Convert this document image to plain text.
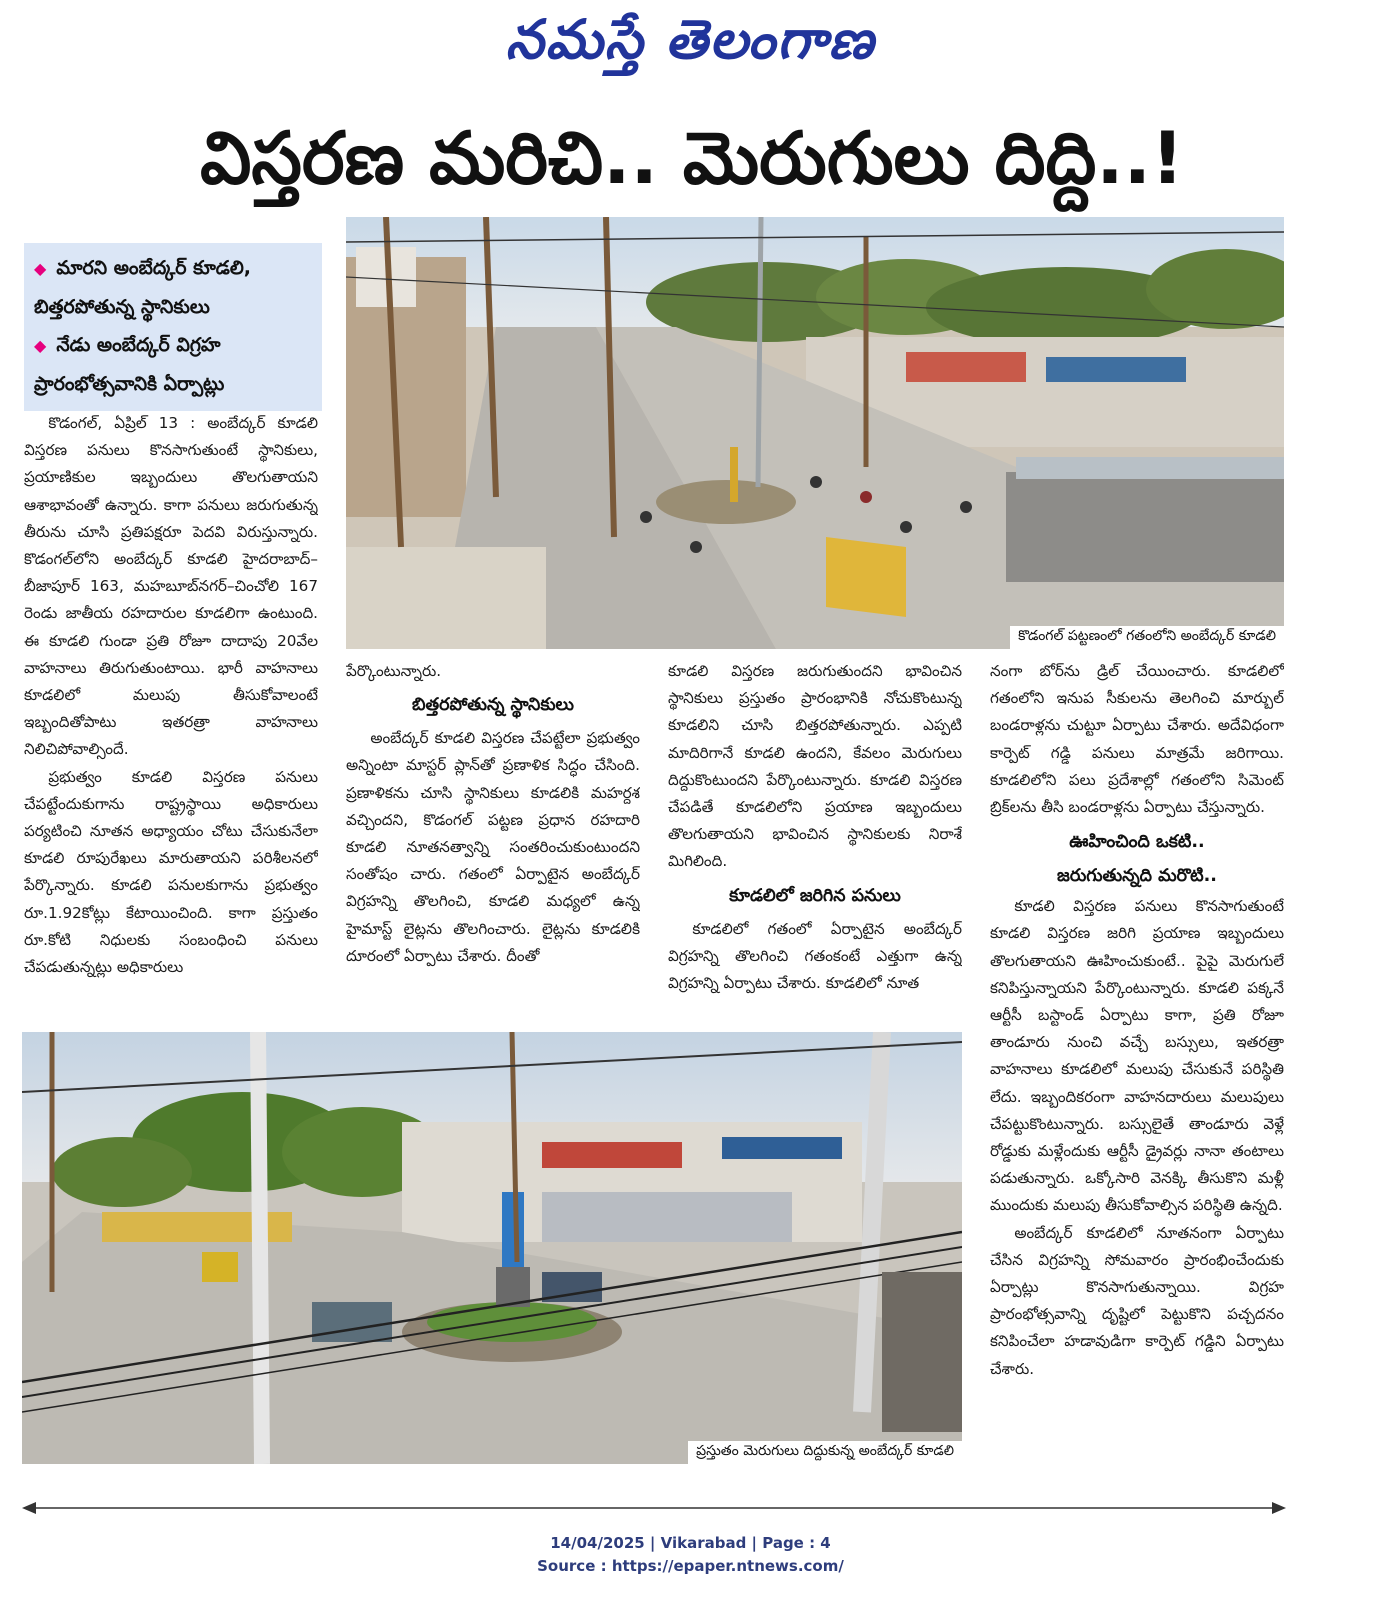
నమస్తే తెలంగాణ
విస్తరణ మరిచి.. మెరుగులు దిద్ది..!
◆ మారని అంబేద్కర్ కూడలి,
బిత్తరపోతున్న స్థానికులు
◆ నేడు అంబేద్కర్ విగ్రహ
ప్రారంభోత్సవానికి ఏర్పాట్లు
కొడంగల్ పట్టణంలో గతంలోని అంబేద్కర్ కూడలి

కొడంగల్, ఏప్రిల్ 13 : అంబేద్కర్ కూడలి విస్తరణ పనులు కొనసాగుతుంటే స్థానికులు, ప్రయాణికుల ఇబ్బందులు తొలగుతాయని ఆశాభావంతో ఉన్నారు. కాగా పనులు జరుగుతున్న తీరును చూసి ప్రతిపక్షరూ పెదవి విరుస్తున్నారు. కొడంగల్‌లోని అంబేద్కర్ కూడలి హైదరాబాద్–బీజాపూర్ 163, మహబూబ్‌నగర్–చించోలి 167 రెండు జాతీయ రహదారుల కూడలిగా ఉంటుంది. ఈ కూడలి గుండా ప్రతి రోజూ దాదాపు 20వేల వాహనాలు తిరుగుతుంటాయి. భారీ వాహనాలు కూడలిలో మలుపు తీసుకోవాలంటే ఇబ్బందితోపాటు ఇతరత్రా వాహనాలు నిలిచిపోవాల్సిందే.

ప్రభుత్వం కూడలి విస్తరణ పనులు చేపట్టేందుకుగాను రాష్ట్రస్థాయి అధికారులు పర్యటించి నూతన అధ్యాయం చోటు చేసుకునేలా కూడలి రూపురేఖలు మారుతాయని పరిశీలనలో పేర్కొన్నారు. కూడలి పనులకుగాను ప్రభుత్వం రూ.1.92కోట్లు కేటాయించింది. కాగా ప్రస్తుతం రూ.కోటి నిధులకు సంబంధించి పనులు చేపడుతున్నట్లు అధికారులు

పేర్కొంటున్నారు.

బిత్తరపోతున్న స్థానికులు

అంబేద్కర్ కూడలి విస్తరణ చేపట్టేలా ప్రభుత్వం అన్నింటా మాస్టర్ ప్లాన్‌తో ప్రణాళిక సిద్ధం చేసింది. ప్రణాళికను చూసి స్థానికులు కూడలికి మహర్దశ వచ్చిందని, కొడంగల్ పట్టణ ప్రధాన రహదారి కూడలి నూతనత్వాన్ని సంతరించుకుంటుందని సంతోషం చారు. గతంలో ఏర్పాటైన అంబేద్కర్ విగ్రహన్ని తొలగించి, కూడలి మధ్యలో ఉన్న హైమాస్ట్ లైట్లను తొలగించారు. లైట్లను కూడలికి దూరంలో ఏర్పాటు చేశారు. దీంతో

కూడలి విస్తరణ జరుగుతుందని భావించిన స్థానికులు ప్రస్తుతం ప్రారంభానికి నోచుకొంటున్న కూడలిని చూసి బిత్తరపోతున్నారు. ఎప్పటి మాదిరిగానే కూడలి ఉందని, కేవలం మెరుగులు దిద్దుకొంటుందని పేర్కొంటున్నారు. కూడలి విస్తరణ చేపడితే కూడలిలోని ప్రయాణ ఇబ్బందులు తొలగుతాయని భావించిన స్థానికులకు నిరాశే మిగిలింది.

కూడలిలో జరిగిన పనులు

కూడలిలో గతంలో ఏర్పాటైన అంబేద్కర్ విగ్రహన్ని తొలగించి గతంకంటే ఎత్తుగా ఉన్న విగ్రహన్ని ఏర్పాటు చేశారు. కూడలిలో నూత

నంగా బోర్‌ను డ్రిల్ చేయించారు. కూడలిలో గతంలోని ఇనుప సీకులను తెలగించి మార్బుల్ బండరాళ్లను చుట్టూ ఏర్పాటు చేశారు. అదేవిధంగా కార్పెట్ గడ్డి పనులు మాత్రమే జరిగాయి. కూడలిలోని పలు ప్రదేశాల్లో గతంలోని సిమెంట్ బ్రిక్‌లను తీసి బండరాళ్లను ఏర్పాటు చేస్తున్నారు.

ఊహించింది ఒకటి..
జరుగుతున్నది మరొటి..

కూడలి విస్తరణ పనులు కొనసాగుతుంటే కూడలి విస్తరణ జరిగి ప్రయాణ ఇబ్బందులు తొలగుతాయని ఊహించుకుంటే.. పైపై మెరుగులే కనిపిస్తున్నాయని పేర్కొంటున్నారు. కూడలి పక్కనే ఆర్టీసీ బస్టాండ్ ఏర్పాటు కాగా, ప్రతి రోజూ తాండూరు నుంచి వచ్చే బస్సులు, ఇతరత్రా వాహనాలు కూడలిలో మలుపు చేసుకునే పరిస్థితి లేదు. ఇబ్బందికరంగా వాహనదారులు మలుపులు చేపట్టుకొంటున్నారు. బస్సులైతే తాండూరు వెళ్లే రోడ్డుకు మళ్లేందుకు ఆర్టీసీ డ్రైవర్లు నానా తంటాలు పడుతున్నారు. ఒక్కోసారి వెనక్కి తీసుకొని మళ్లీ ముందుకు మలుపు తీసుకోవాల్సిన పరిస్థితి ఉన్నది.

అంబేద్కర్ కూడలిలో నూతనంగా ఏర్పాటు చేసిన విగ్రహన్ని సోమవారం ప్రారంభించేందుకు ఏర్పాట్లు కొనసాగుతున్నాయి. విగ్రహ ప్రారంభోత్సవాన్ని దృష్టిలో పెట్టుకొని పచ్చదనం కనిపించేలా హడావుడిగా కార్పెట్ గడ్డిని ఏర్పాటు చేశారు.

ప్రస్తుతం మెరుగులు దిద్దుకున్న అంబేద్కర్ కూడలి
14/04/2025 | Vikarabad | Page : 4
Source : https://epaper.ntnews.com/
